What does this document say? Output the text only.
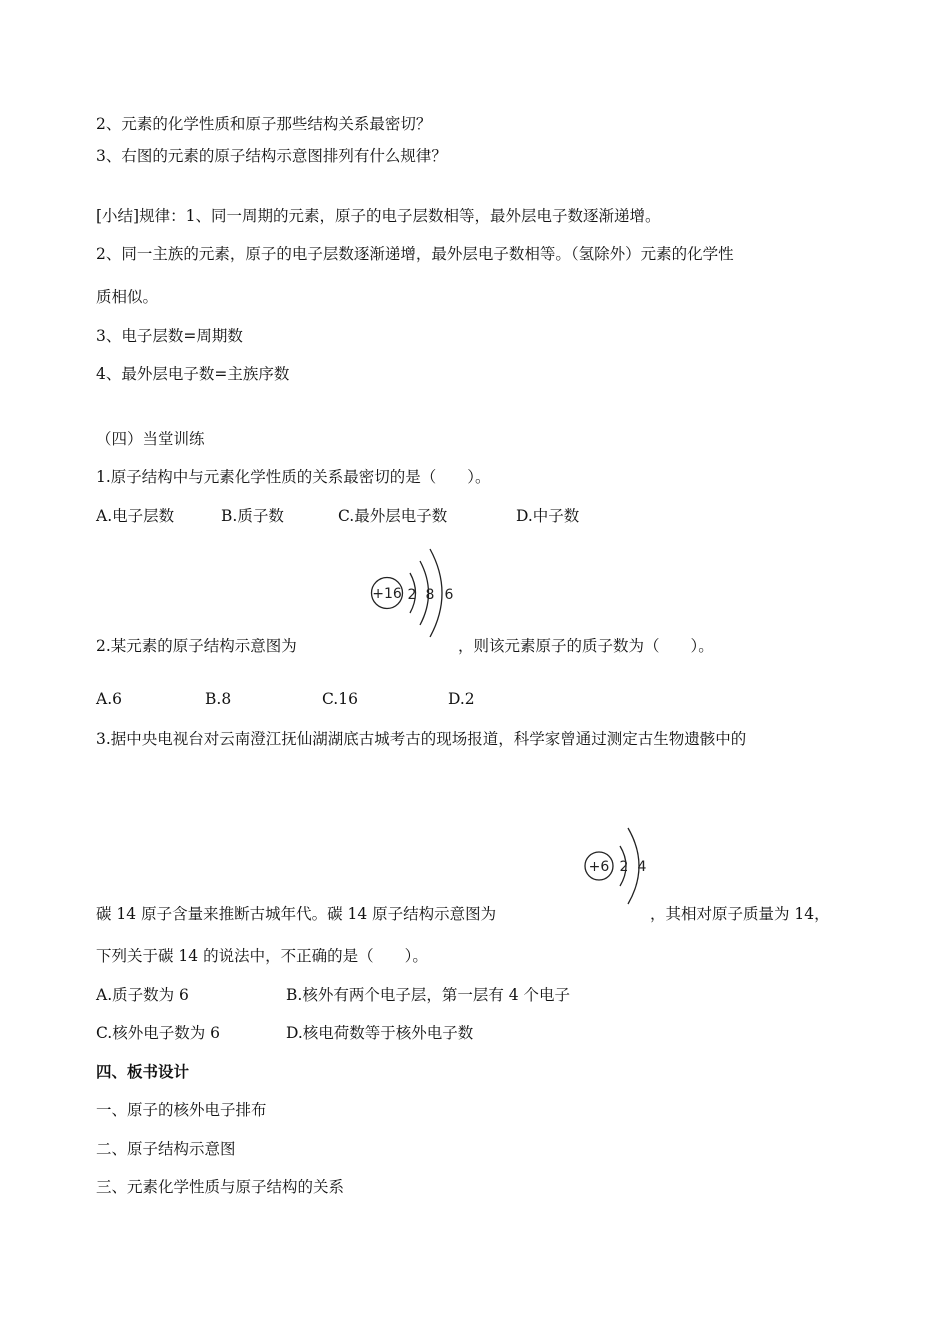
2、元素的化学性质和原子那些结构关系最密切？
3、右图的元素的原子结构示意图排列有什么规律？
[小结]规律：1、同一周期的元素，原子的电子层数相等，最外层电子数逐渐递增。
2、同一主族的元素，原子的电子层数逐渐递增，最外层电子数相等。（氢除外）元素的化学性
质相似。
3、电子层数=周期数
4、最外层电子数=主族序数
（四）当堂训练
1.原子结构中与元素化学性质的关系最密切的是（　　）。
A.电子层数	B.质子数	C.最外层电子数	D.中子数
+16 2 8 6
2.某元素的原子结构示意图为	，则该元素原子的质子数为（　　）。
A.6	B.8	C.16	D.2
3.据中央电视台对云南澄江抚仙湖湖底古城考古的现场报道，科学家曾通过测定古生物遗骸中的
+6 2 4
碳 14 原子含量来推断古城年代。碳 14 原子结构示意图为	，其相对原子质量为 14，
下列关于碳 14 的说法中，不正确的是（　　）。
A.质子数为 6	B.核外有两个电子层，第一层有 4 个电子
C.核外电子数为 6	D.核电荷数等于核外电子数
四、板书设计
一、原子的核外电子排布
二、原子结构示意图
三、元素化学性质与原子结构的关系
